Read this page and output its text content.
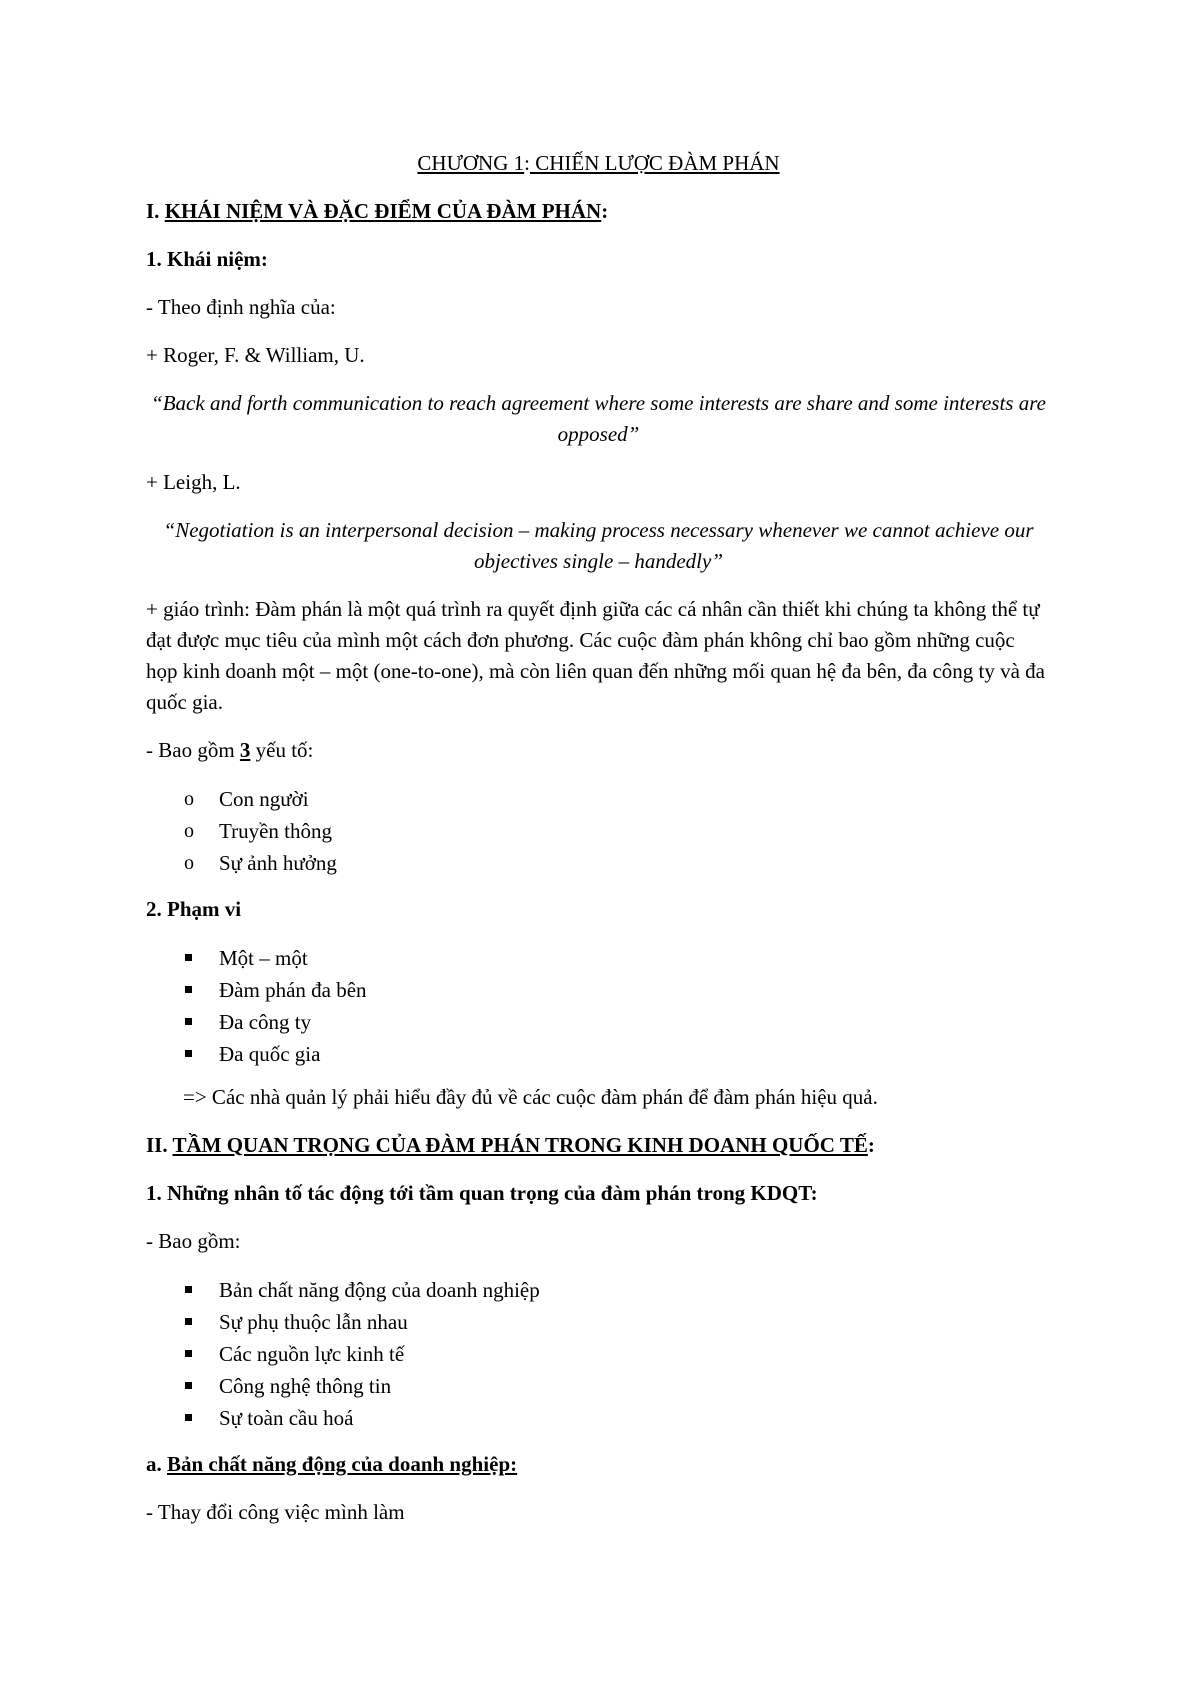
CHƯƠNG 1: CHIẾN LƯỢC ĐÀM PHÁN

I. KHÁI NIỆM VÀ ĐẶC ĐIỂM CỦA ĐÀM PHÁN:

1. Khái niệm:

- Theo định nghĩa của:

+ Roger, F. & William, U.

“Back and forth communication to reach agreement where some interests are share and some interests are opposed”

+ Leigh, L.

“Negotiation is an interpersonal decision – making process necessary whenever we cannot achieve our objectives single – handedly”

+ giáo trình: Đàm phán là một quá trình ra quyết định giữa các cá nhân cần thiết khi chúng ta không thể tự đạt được mục tiêu của mình một cách đơn phương. Các cuộc đàm phán không chỉ bao gồm những cuộc họp kinh doanh một – một (one-to-one), mà còn liên quan đến những mối quan hệ đa bên, đa công ty và đa quốc gia.

- Bao gồm 3 yếu tố:

o Con người
o Truyền thông
o Sự ảnh hưởng

2. Phạm vi

Một – một
Đàm phán đa bên
Đa công ty
Đa quốc gia

=> Các nhà quản lý phải hiểu đầy đủ về các cuộc đàm phán để đàm phán hiệu quả.

II. TẦM QUAN TRỌNG CỦA ĐÀM PHÁN TRONG KINH DOANH QUỐC TẾ:

1. Những nhân tố tác động tới tầm quan trọng của đàm phán trong KDQT:

- Bao gồm:

Bản chất năng động của doanh nghiệp
Sự phụ thuộc lẫn nhau
Các nguồn lực kinh tế
Công nghệ thông tin
Sự toàn cầu hoá

a. Bản chất năng động của doanh nghiệp:

- Thay đổi công việc mình làm
